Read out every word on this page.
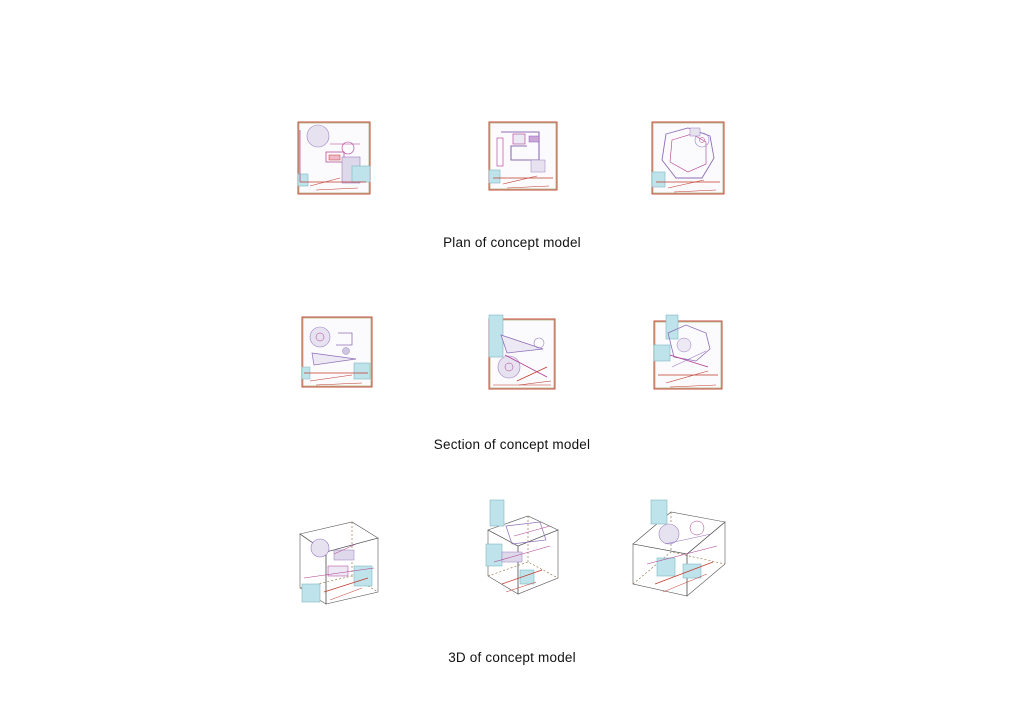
Plan of concept model
Section of concept model
3D of concept model
